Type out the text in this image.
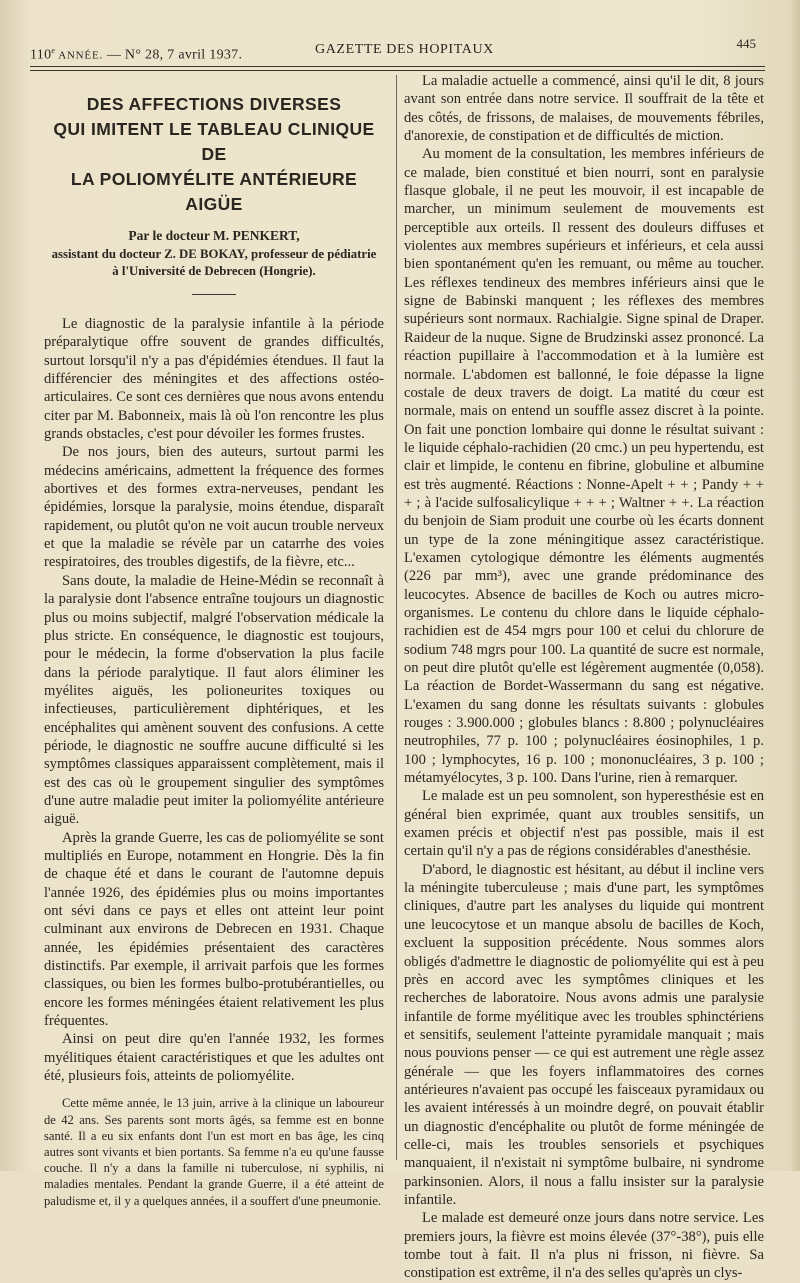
110e ANNÉE. — N° 28, 7 avril 1937.	GAZETTE DES HOPITAUX	445
DES AFFECTIONS DIVERSES
QUI IMITENT LE TABLEAU CLINIQUE DE
LA POLIOMYÉLITE ANTÉRIEURE AIGÜE
Par le docteur M. PENKERT,
assistant du docteur Z. DE BOKAY, professeur de pédiatrie
à l'Université de Debrecen (Hongrie).

Le diagnostic de la paralysie infantile à la période préparalytique offre souvent de grandes difficultés, surtout lorsqu'il n'y a pas d'épidémies étendues. Il faut la différencier des méningites et des affections ostéo-articulaires. Ce sont ces dernières que nous avons entendu citer par M. Babonneix, mais là où l'on rencontre les plus grands obstacles, c'est pour dévoiler les formes frustes.

De nos jours, bien des auteurs, surtout parmi les médecins américains, admettent la fréquence des formes abortives et des formes extra-nerveuses, pendant les épidémies, lorsque la paralysie, moins étendue, disparaît rapidement, ou plutôt qu'on ne voit aucun trouble nerveux et que la maladie se révèle par un catarrhe des voies respiratoires, des troubles digestifs, de la fièvre, etc...

Sans doute, la maladie de Heine-Médin se reconnaît à la paralysie dont l'absence entraîne toujours un diagnostic plus ou moins subjectif, malgré l'observation médicale la plus stricte. En conséquence, le diagnostic est toujours, pour le médecin, la forme d'observation la plus facile dans la période paralytique. Il faut alors éliminer les myélites aiguës, les polioneurites toxiques ou infectieuses, particulièrement diphtériques, et les encéphalites qui amènent souvent des confusions. A cette période, le diagnostic ne souffre aucune difficulté si les symptômes classiques apparaissent complètement, mais il est des cas où le groupement singulier des symptômes d'une autre maladie peut imiter la poliomyélite antérieure aiguë.

Après la grande Guerre, les cas de poliomyélite se sont multipliés en Europe, notamment en Hongrie. Dès la fin de chaque été et dans le courant de l'automne depuis l'année 1926, des épidémies plus ou moins importantes ont sévi dans ce pays et elles ont atteint leur point culminant aux environs de Debrecen en 1931. Chaque année, les épidémies présentaient des caractères distinctifs. Par exemple, il arrivait parfois que les formes classiques, ou bien les formes bulbo-protubérantielles, ou encore les formes méningées étaient relativement les plus fréquentes.

Ainsi on peut dire qu'en l'année 1932, les formes myélitiques étaient caractéristiques et que les adultes ont été, plusieurs fois, atteints de poliomyélite.

Cette même année, le 13 juin, arrive à la clinique un laboureur de 42 ans. Ses parents sont morts âgés, sa femme est en bonne santé. Il a eu six enfants dont l'un est mort en bas âge, les cinq autres sont vivants et bien portants. Sa femme n'a eu qu'une fausse couche. Il n'y a dans la famille ni tuberculose, ni syphilis, ni maladies mentales. Pendant la grande Guerre, il a été atteint de paludisme et, il y a quelques années, il a souffert d'une pneumonie.

La maladie actuelle a commencé, ainsi qu'il le dit, 8 jours avant son entrée dans notre service. Il souffrait de la tête et des côtés, de frissons, de malaises, de mouvements fébriles, d'anorexie, de constipation et de difficultés de miction.

Au moment de la consultation, les membres inférieurs de ce malade, bien constitué et bien nourri, sont en paralysie flasque globale, il ne peut les mouvoir, il est incapable de marcher, un minimum seulement de mouvements est perceptible aux orteils. Il ressent des douleurs diffuses et violentes aux membres supérieurs et inférieurs, et cela aussi bien spontanément qu'en les remuant, ou même au toucher. Les réflexes tendineux des membres inférieurs ainsi que le signe de Babinski manquent ; les réflexes des membres supérieurs sont normaux. Rachialgie. Signe spinal de Draper. Raideur de la nuque. Signe de Brudzinski assez prononcé. La réaction pupillaire à l'accommodation et à la lumière est normale. L'abdomen est ballonné, le foie dépasse la ligne costale de deux travers de doigt. La matité du cœur est normale, mais on entend un souffle assez discret à la pointe. On fait une ponction lombaire qui donne le résultat suivant : le liquide céphalo-rachidien (20 cmc.) un peu hypertendu, est clair et limpide, le contenu en fibrine, globuline et albumine est très augmenté. Réactions : Nonne-Apelt + + ; Pandy + + + ; à l'acide sulfosalicylique + + + ; Waltner + +. La réaction du benjoin de Siam produit une courbe où les écarts donnent un type de la zone méningitique assez caractéristique. L'examen cytologique démontre les éléments augmentés (226 par mm³), avec une grande prédominance des leucocytes. Absence de bacilles de Koch ou autres micro-organismes. Le contenu du chlore dans le liquide céphalo-rachidien est de 454 mgrs pour 100 et celui du chlorure de sodium 748 mgrs pour 100. La quantité de sucre est normale, on peut dire plutôt qu'elle est légèrement augmentée (0,058). La réaction de Bordet-Wassermann du sang est négative. L'examen du sang donne les résultats suivants : globules rouges : 3.900.000 ; globules blancs : 8.800 ; polynucléaires neutrophiles, 77 p. 100 ; polynucléaires éosinophiles, 1 p. 100 ; lymphocytes, 16 p. 100 ; mononucléaires, 3 p. 100 ; métamyélocytes, 3 p. 100. Dans l'urine, rien à remarquer.

Le malade est un peu somnolent, son hyperesthésie est en général bien exprimée, quant aux troubles sensitifs, un examen précis et objectif n'est pas possible, mais il est certain qu'il n'y a pas de régions considérables d'anesthésie.

D'abord, le diagnostic est hésitant, au début il incline vers la méningite tuberculeuse ; mais d'une part, les symptômes cliniques, d'autre part les analyses du liquide qui montrent une leucocytose et un manque absolu de bacilles de Koch, excluent la supposition précédente. Nous sommes alors obligés d'admettre le diagnostic de poliomyélite qui est à peu près en accord avec les symptômes cliniques et les recherches de laboratoire. Nous avons admis une paralysie infantile de forme myélitique avec les troubles sphinctériens et sensitifs, seulement l'atteinte pyramidale manquait ; mais nous pouvions penser — ce qui est autrement une règle assez générale — que les foyers inflammatoires des cornes antérieures n'avaient pas occupé les faisceaux pyramidaux ou les avaient intéressés à un moindre degré, on pouvait établir un diagnostic d'encéphalite ou plutôt de forme méningée de celle-ci, mais les troubles sensoriels et psychiques manquaient, il n'existait ni symptôme bulbaire, ni syndrome parkinsonien. Alors, il nous a fallu insister sur la paralysie infantile.

Le malade est demeuré onze jours dans notre service. Les premiers jours, la fièvre est moins élevée (37°-38°), puis elle tombe tout à fait. Il n'a plus ni frisson, ni fièvre. Sa constipation est extrême, il n'a des selles qu'après un clys-
